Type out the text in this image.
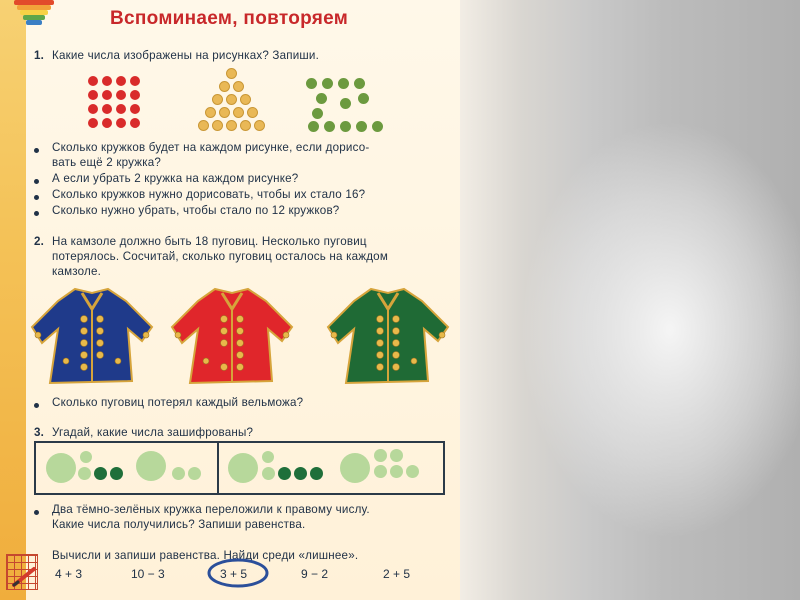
Вспоминаем, повторяем
1. Какие числа изображены на рисунках? Запиши.
Сколько кружков будет на каждом рисунке, если дорисо-
вать ещё 2 кружка?
А если убрать 2 кружка на каждом рисунке?
Сколько кружков нужно дорисовать, чтобы их стало 16?
Сколько нужно убрать, чтобы стало по 12 кружков?
2. На камзоле должно быть 18 пуговиц. Несколько пуговиц
потерялось. Сосчитай, сколько пуговиц осталось на каждом
камзоле.
Сколько пуговиц потерял каждый вельможа?
3. Угадай, какие числа зашифрованы?
Два тёмно-зелёных кружка переложили к правому числу.
Какие числа получились? Запиши равенства.
Вычисли и запиши равенства. Найди среди «лишнее».
4 + 3	10 − 3	3 + 5	9 − 2	2 + 5
